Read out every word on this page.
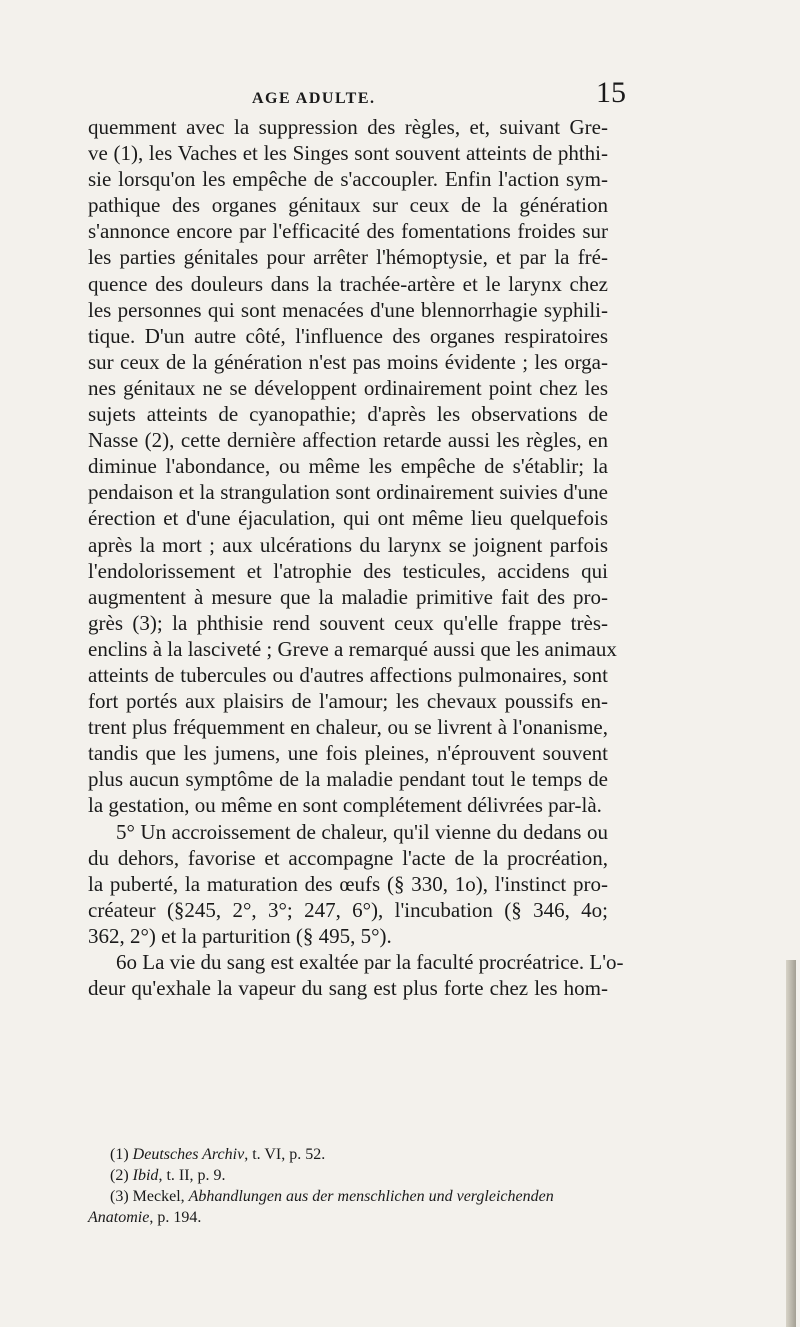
AGE ADULTE.	15
quemment avec la suppression des règles, et, suivant Gre-
ve (1), les Vaches et les Singes sont souvent atteints de phthi-
sie lorsqu'on les empêche de s'accoupler. Enfin l'action sym-
pathique des organes génitaux sur ceux de la génération
s'annonce encore par l'efficacité des fomentations froides sur
les parties génitales pour arrêter l'hémoptysie, et par la fré-
quence des douleurs dans la trachée-artère et le larynx chez
les personnes qui sont menacées d'une blennorrhagie syphili-
tique. D'un autre côté, l'influence des organes respiratoires
sur ceux de la génération n'est pas moins évidente ; les orga-
nes génitaux ne se développent ordinairement point chez les
sujets atteints de cyanopathie; d'après les observations de
Nasse (2), cette dernière affection retarde aussi les règles, en
diminue l'abondance, ou même les empêche de s'établir; la
pendaison et la strangulation sont ordinairement suivies d'une
érection et d'une éjaculation, qui ont même lieu quelquefois
après la mort ; aux ulcérations du larynx se joignent parfois
l'endolorissement et l'atrophie des testicules, accidens qui
augmentent à mesure que la maladie primitive fait des pro-
grès (3); la phthisie rend souvent ceux qu'elle frappe très-
enclins à la lasciveté ; Greve a remarqué aussi que les animaux
atteints de tubercules ou d'autres affections pulmonaires, sont
fort portés aux plaisirs de l'amour; les chevaux poussifs en-
trent plus fréquemment en chaleur, ou se livrent à l'onanisme,
tandis que les jumens, une fois pleines, n'éprouvent souvent
plus aucun symptôme de la maladie pendant tout le temps de
la gestation, ou même en sont complétement délivrées par-là.
5° Un accroissement de chaleur, qu'il vienne du dedans ou
du dehors, favorise et accompagne l'acte de la procréation,
la puberté, la maturation des œufs (§ 330, 1o), l'instinct pro-
créateur (§245, 2°, 3°; 247, 6°), l'incubation (§ 346, 4o;
362, 2°) et la parturition (§ 495, 5°).
6o La vie du sang est exaltée par la faculté procréatrice. L'o-
deur qu'exhale la vapeur du sang est plus forte chez les hom-
(1) Deutsches Archiv, t. VI, p. 52.
(2) Ibid, t. II, p. 9.
(3) Meckel, Abhandlungen aus der menschlichen und vergleichenden
Anatomie, p. 194.
